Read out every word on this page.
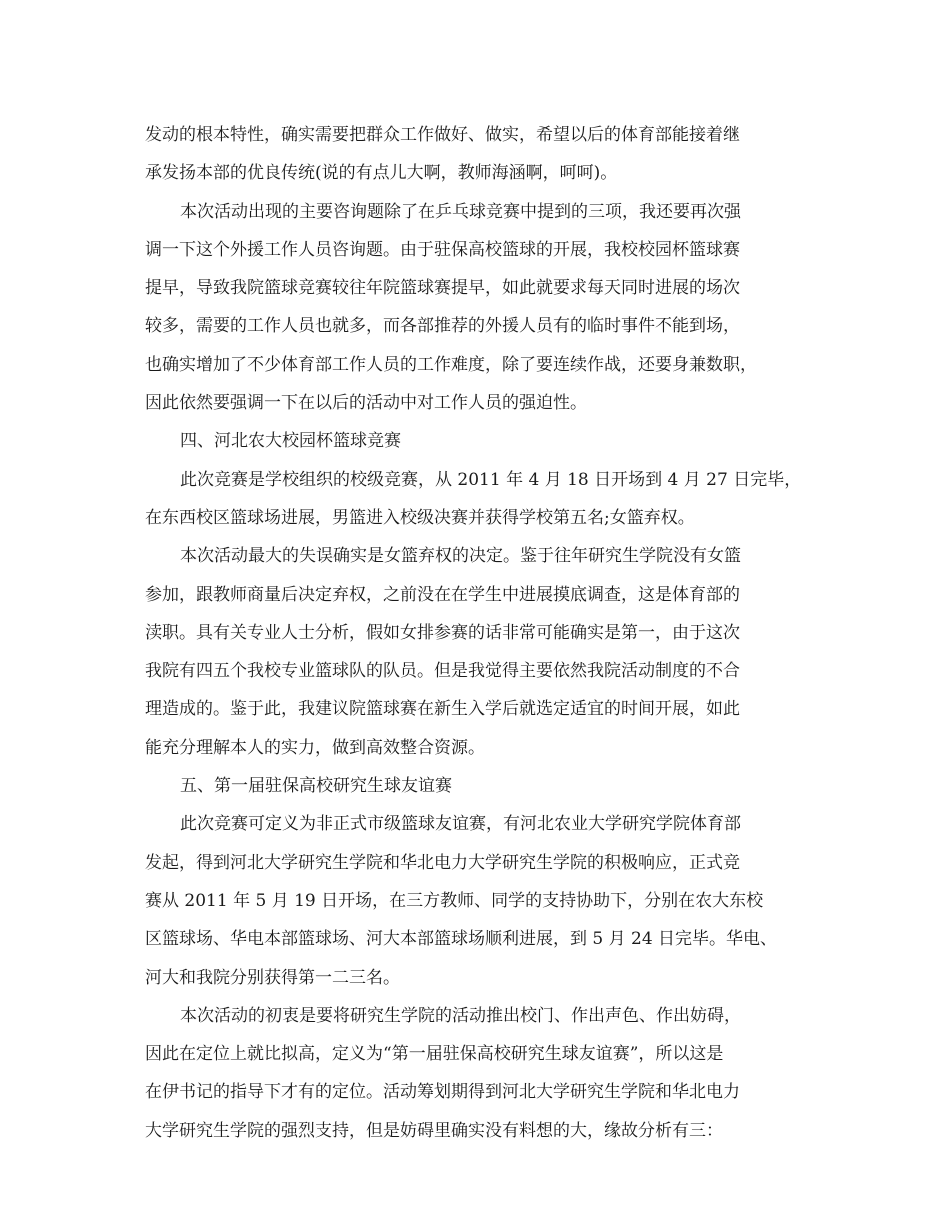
发动的根本特性，确实需要把群众工作做好、做实，希望以后的体育部能接着继
承发扬本部的优良传统(说的有点儿大啊，教师海涵啊，呵呵)。
本次活动出现的主要咨询题除了在乒乓球竞赛中提到的三项，我还要再次强
调一下这个外援工作人员咨询题。由于驻保高校篮球的开展，我校校园杯篮球赛
提早，导致我院篮球竞赛较往年院篮球赛提早，如此就要求每天同时进展的场次
较多，需要的工作人员也就多，而各部推荐的外援人员有的临时事件不能到场，
也确实增加了不少体育部工作人员的工作难度，除了要连续作战，还要身兼数职，
因此依然要强调一下在以后的活动中对工作人员的强迫性。
四、河北农大校园杯篮球竞赛
此次竞赛是学校组织的校级竞赛，从 2011 年 4 月 18 日开场到 4 月 27 日完毕，
在东西校区篮球场进展，男篮进入校级决赛并获得学校第五名;女篮弃权。
本次活动最大的失误确实是女篮弃权的决定。鉴于往年研究生学院没有女篮
参加，跟教师商量后决定弃权，之前没在在学生中进展摸底调查，这是体育部的
渎职。具有关专业人士分析，假如女排参赛的话非常可能确实是第一，由于这次
我院有四五个我校专业篮球队的队员。但是我觉得主要依然我院活动制度的不合
理造成的。鉴于此，我建议院篮球赛在新生入学后就选定适宜的时间开展，如此
能充分理解本人的实力，做到高效整合资源。
五、第一届驻保高校研究生球友谊赛
此次竞赛可定义为非正式市级篮球友谊赛，有河北农业大学研究学院体育部
发起，得到河北大学研究生学院和华北电力大学研究生学院的积极响应，正式竞
赛从 2011 年 5 月 19 日开场，在三方教师、同学的支持协助下，分别在农大东校
区篮球场、华电本部篮球场、河大本部篮球场顺利进展，到 5 月 24 日完毕。华电、
河大和我院分别获得第一二三名。
本次活动的初衷是要将研究生学院的活动推出校门、作出声色、作出妨碍，
因此在定位上就比拟高，定义为“第一届驻保高校研究生球友谊赛”，所以这是
在伊书记的指导下才有的定位。活动筹划期得到河北大学研究生学院和华北电力
大学研究生学院的强烈支持，但是妨碍里确实没有料想的大，缘故分析有三：
